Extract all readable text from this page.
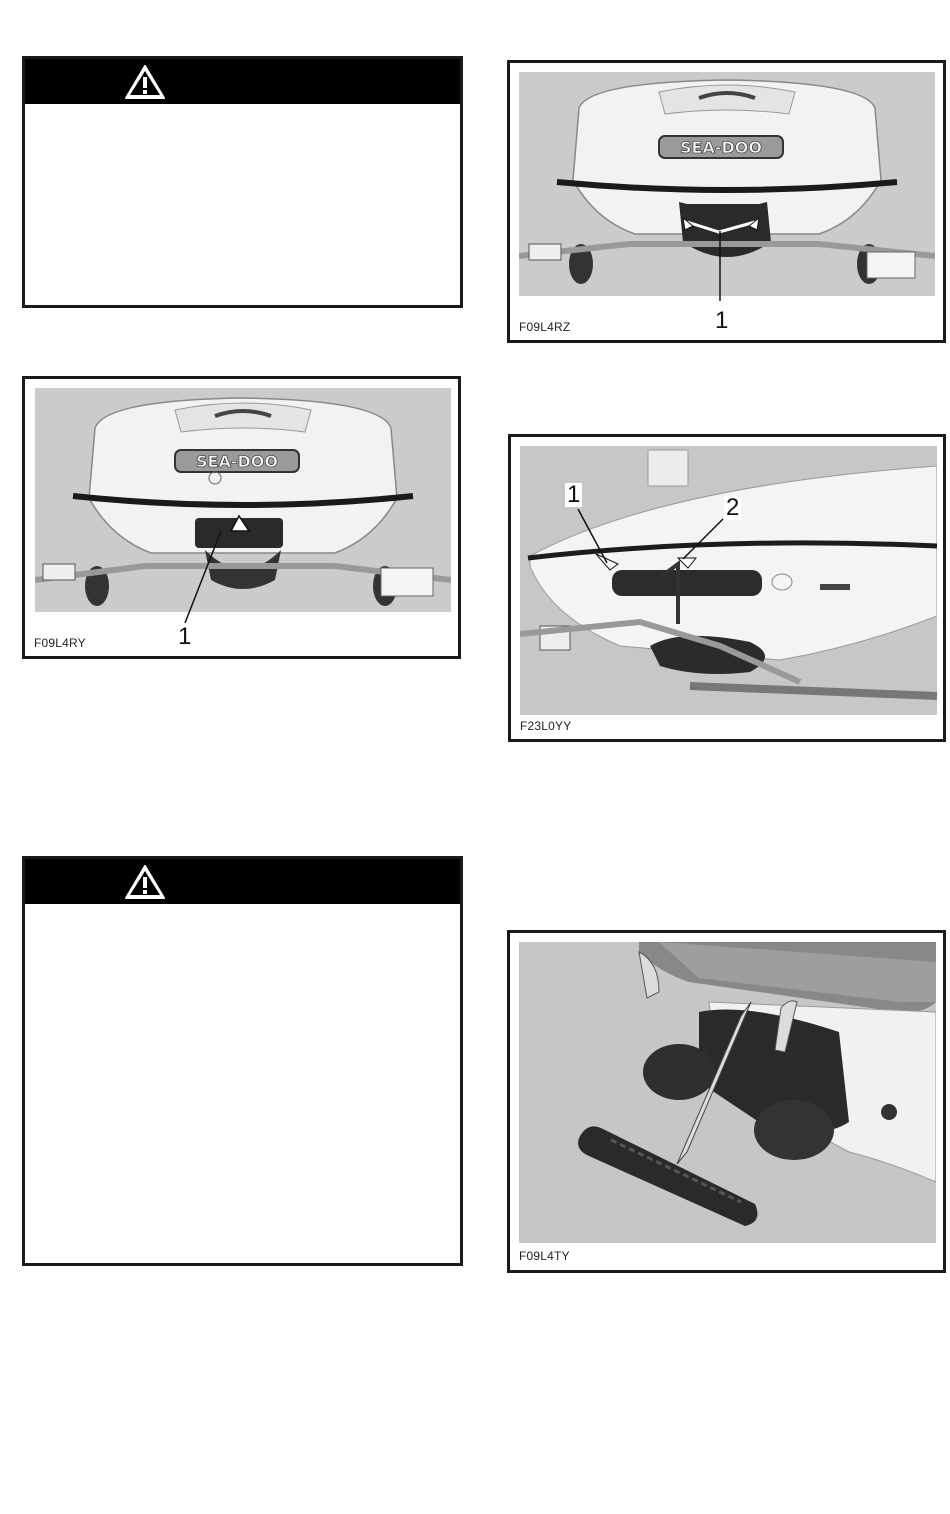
SEA-DOO
F09L4RY	1
SEA-DOO
F09L4RZ	1
1	2
F23L0YY
F09L4TY
